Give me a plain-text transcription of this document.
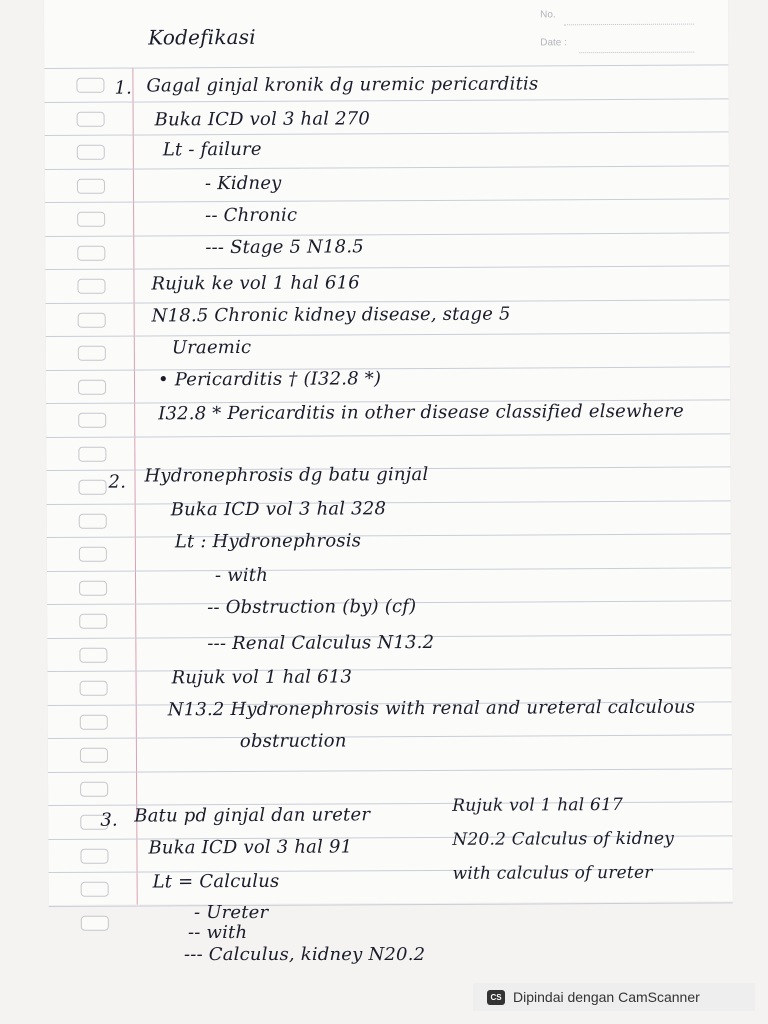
No.
Date :
Kodefikasi
1. Gagal ginjal kronik dg uremic pericarditis
Buka ICD vol 3 hal 270
Lt - failure
- Kidney
-- Chronic
--- Stage 5 N18.5
Rujuk ke vol 1 hal 616
N18.5 Chronic kidney disease, stage 5
Uraemic
• Pericarditis † (I32.8 *)
I32.8 * Pericarditis in other disease classified elsewhere
2. Hydronephrosis dg batu ginjal
Buka ICD vol 3 hal 328
Lt : Hydronephrosis
- with
-- Obstruction (by) (cf)
--- Renal Calculus N13.2
Rujuk vol 1 hal 613
N13.2 Hydronephrosis with renal and ureteral calculous
obstruction
3. Batu pd ginjal dan ureter
Buka ICD vol 3 hal 91
Lt = Calculus
Rujuk vol 1 hal 617
N20.2 Calculus of kidney
with calculus of ureter
- Ureter
-- with
--- Calculus, kidney N20.2
CS Dipindai dengan CamScanner
